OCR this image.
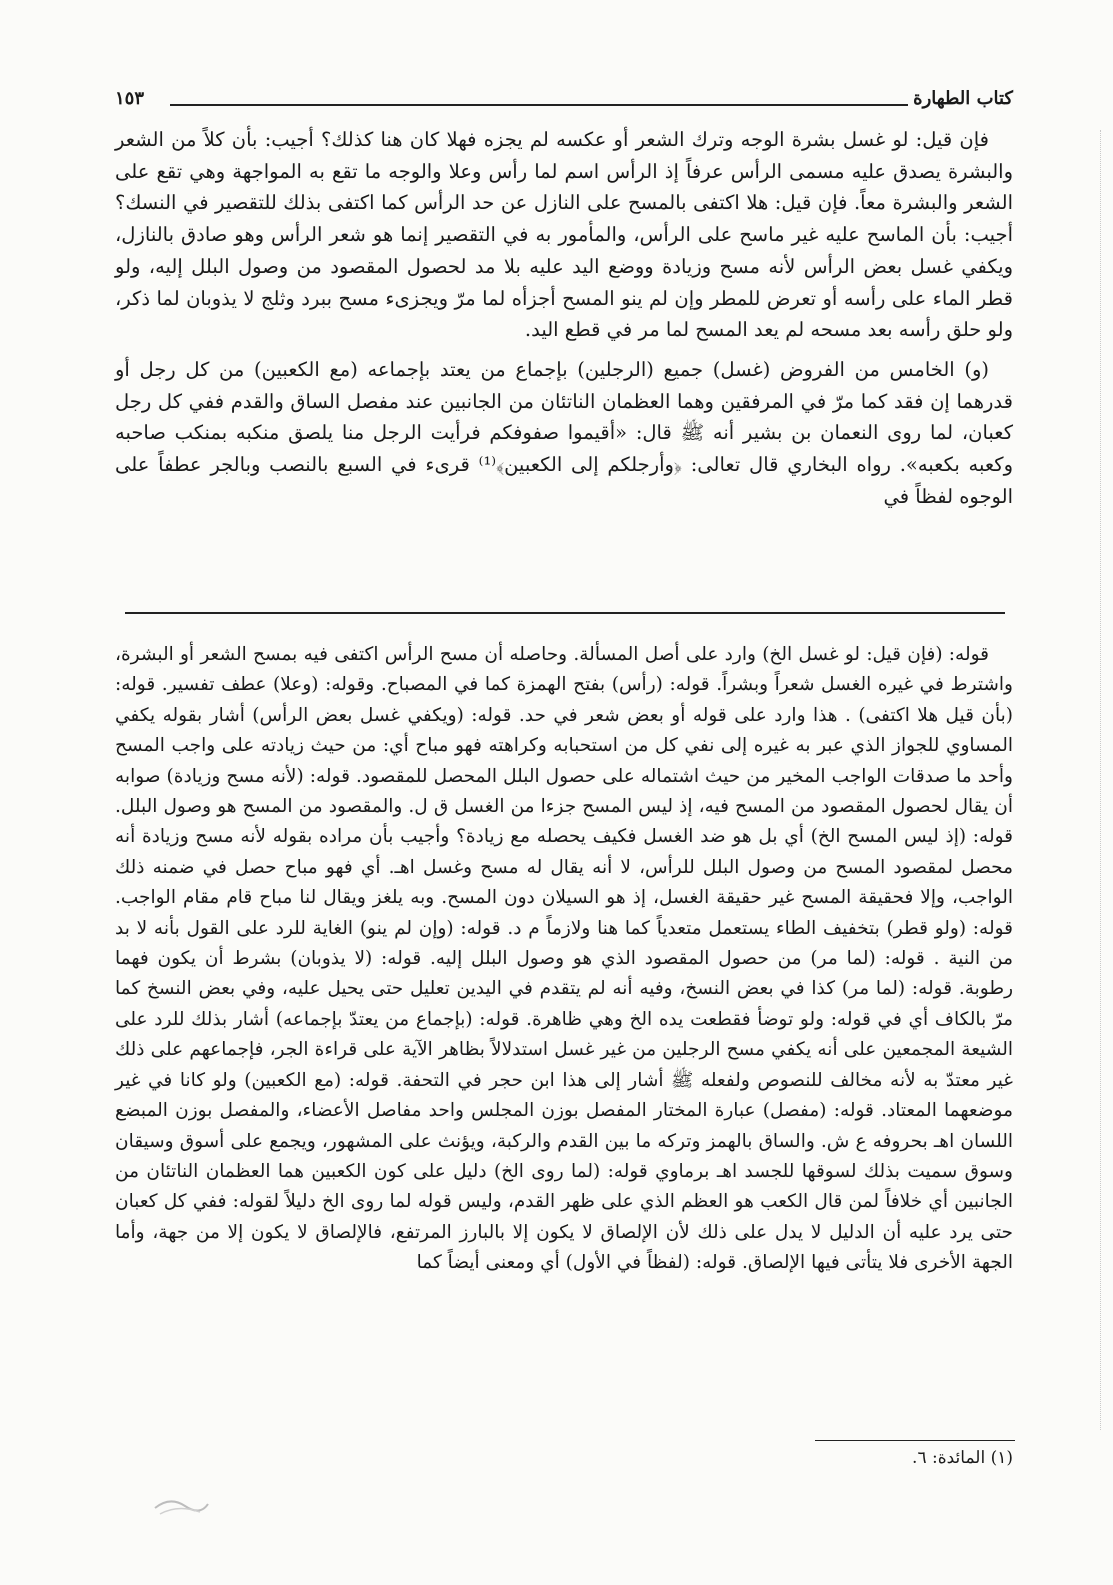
كتاب الطهارة
١٥٣

فإن قيل: لو غسل بشرة الوجه وترك الشعر أو عكسه لم يجزه فهلا كان هنا كذلك؟ أجيب: بأن كلاً من الشعر والبشرة يصدق عليه مسمى الرأس عرفاً إذ الرأس اسم لما رأس وعلا والوجه ما تقع به المواجهة وهي تقع على الشعر والبشرة معاً. فإن قيل: هلا اكتفى بالمسح على النازل عن حد الرأس كما اكتفى بذلك للتقصير في النسك؟ أجيب: بأن الماسح عليه غير ماسح على الرأس، والمأمور به في التقصير إنما هو شعر الرأس وهو صادق بالنازل، ويكفي غسل بعض الرأس لأنه مسح وزيادة ووضع اليد عليه بلا مد لحصول المقصود من وصول البلل إليه، ولو قطر الماء على رأسه أو تعرض للمطر وإن لم ينو المسح أجزأه لما مرّ ويجزىء مسح ببرد وثلج لا يذوبان لما ذكر، ولو حلق رأسه بعد مسحه لم يعد المسح لما مر في قطع اليد.

(و) الخامس من الفروض (غسل) جميع (الرجلين) بإجماع من يعتد بإجماعه (مع الكعبين) من كل رجل أو قدرهما إن فقد كما مرّ في المرفقين وهما العظمان الناتئان من الجانبين عند مفصل الساق والقدم ففي كل رجل كعبان، لما روى النعمان بن بشير أنه ﷺ قال: «أقيموا صفوفكم فرأيت الرجل منا يلصق منكبه بمنكب صاحبه وكعبه بكعبه». رواه البخاري قال تعالى: ﴿وأرجلكم إلى الكعبين﴾⁽¹⁾ قرىء في السبع بالنصب وبالجر عطفاً على الوجوه لفظاً في

قوله: (فإن قيل: لو غسل الخ) وارد على أصل المسألة. وحاصله أن مسح الرأس اكتفى فيه بمسح الشعر أو البشرة، واشترط في غيره الغسل شعراً وبشراً. قوله: (رأس) بفتح الهمزة كما في المصباح. وقوله: (وعلا) عطف تفسير. قوله: (بأن قيل هلا اكتفى) . هذا وارد على قوله أو بعض شعر في حد. قوله: (ويكفي غسل بعض الرأس) أشار بقوله يكفي المساوي للجواز الذي عبر به غيره إلى نفي كل من استحبابه وكراهته فهو مباح أي: من حيث زيادته على واجب المسح وأحد ما صدقات الواجب المخير من حيث اشتماله على حصول البلل المحصل للمقصود. قوله: (لأنه مسح وزيادة) صوابه أن يقال لحصول المقصود من المسح فيه، إذ ليس المسح جزءا من الغسل ق ل. والمقصود من المسح هو وصول البلل. قوله: (إذ ليس المسح الخ) أي بل هو ضد الغسل فكيف يحصله مع زيادة؟ وأجيب بأن مراده بقوله لأنه مسح وزيادة أنه محصل لمقصود المسح من وصول البلل للرأس، لا أنه يقال له مسح وغسل اهـ. أي فهو مباح حصل في ضمنه ذلك الواجب، وإلا فحقيقة المسح غير حقيقة الغسل، إذ هو السيلان دون المسح. وبه يلغز ويقال لنا مباح قام مقام الواجب. قوله: (ولو قطر) بتخفيف الطاء يستعمل متعدياً كما هنا ولازماً م د. قوله: (وإن لم ينو) الغاية للرد على القول بأنه لا بد من النية . قوله: (لما مر) من حصول المقصود الذي هو وصول البلل إليه. قوله: (لا يذوبان) بشرط أن يكون فهما رطوبة. قوله: (لما مر) كذا في بعض النسخ، وفيه أنه لم يتقدم في اليدين تعليل حتى يحيل عليه، وفي بعض النسخ كما مرّ بالكاف أي في قوله: ولو توضأ فقطعت يده الخ وهي ظاهرة. قوله: (بإجماع من يعتدّ بإجماعه) أشار بذلك للرد على الشيعة المجمعين على أنه يكفي مسح الرجلين من غير غسل استدلالاً بظاهر الآية على قراءة الجر، فإجماعهم على ذلك غير معتدّ به لأنه مخالف للنصوص ولفعله ﷺ أشار إلى هذا ابن حجر في التحفة. قوله: (مع الكعبين) ولو كانا في غير موضعهما المعتاد. قوله: (مفصل) عبارة المختار المفصل بوزن المجلس واحد مفاصل الأعضاء، والمفصل بوزن المبضع اللسان اهـ بحروفه ع ش. والساق بالهمز وتركه ما بين القدم والركبة، ويؤنث على المشهور، ويجمع على أسوق وسيقان وسوق سميت بذلك لسوقها للجسد اهـ برماوي قوله: (لما روى الخ) دليل على كون الكعبين هما العظمان الناتئان من الجانبين أي خلافاً لمن قال الكعب هو العظم الذي على ظهر القدم، وليس قوله لما روى الخ دليلاً لقوله: ففي كل كعبان حتى يرد عليه أن الدليل لا يدل على ذلك لأن الإلصاق لا يكون إلا بالبارز المرتفع، فالإلصاق لا يكون إلا من جهة، وأما الجهة الأخرى فلا يتأتى فيها الإلصاق. قوله: (لفظاً في الأول) أي ومعنى أيضاً كما

(١) المائدة: ٦.
